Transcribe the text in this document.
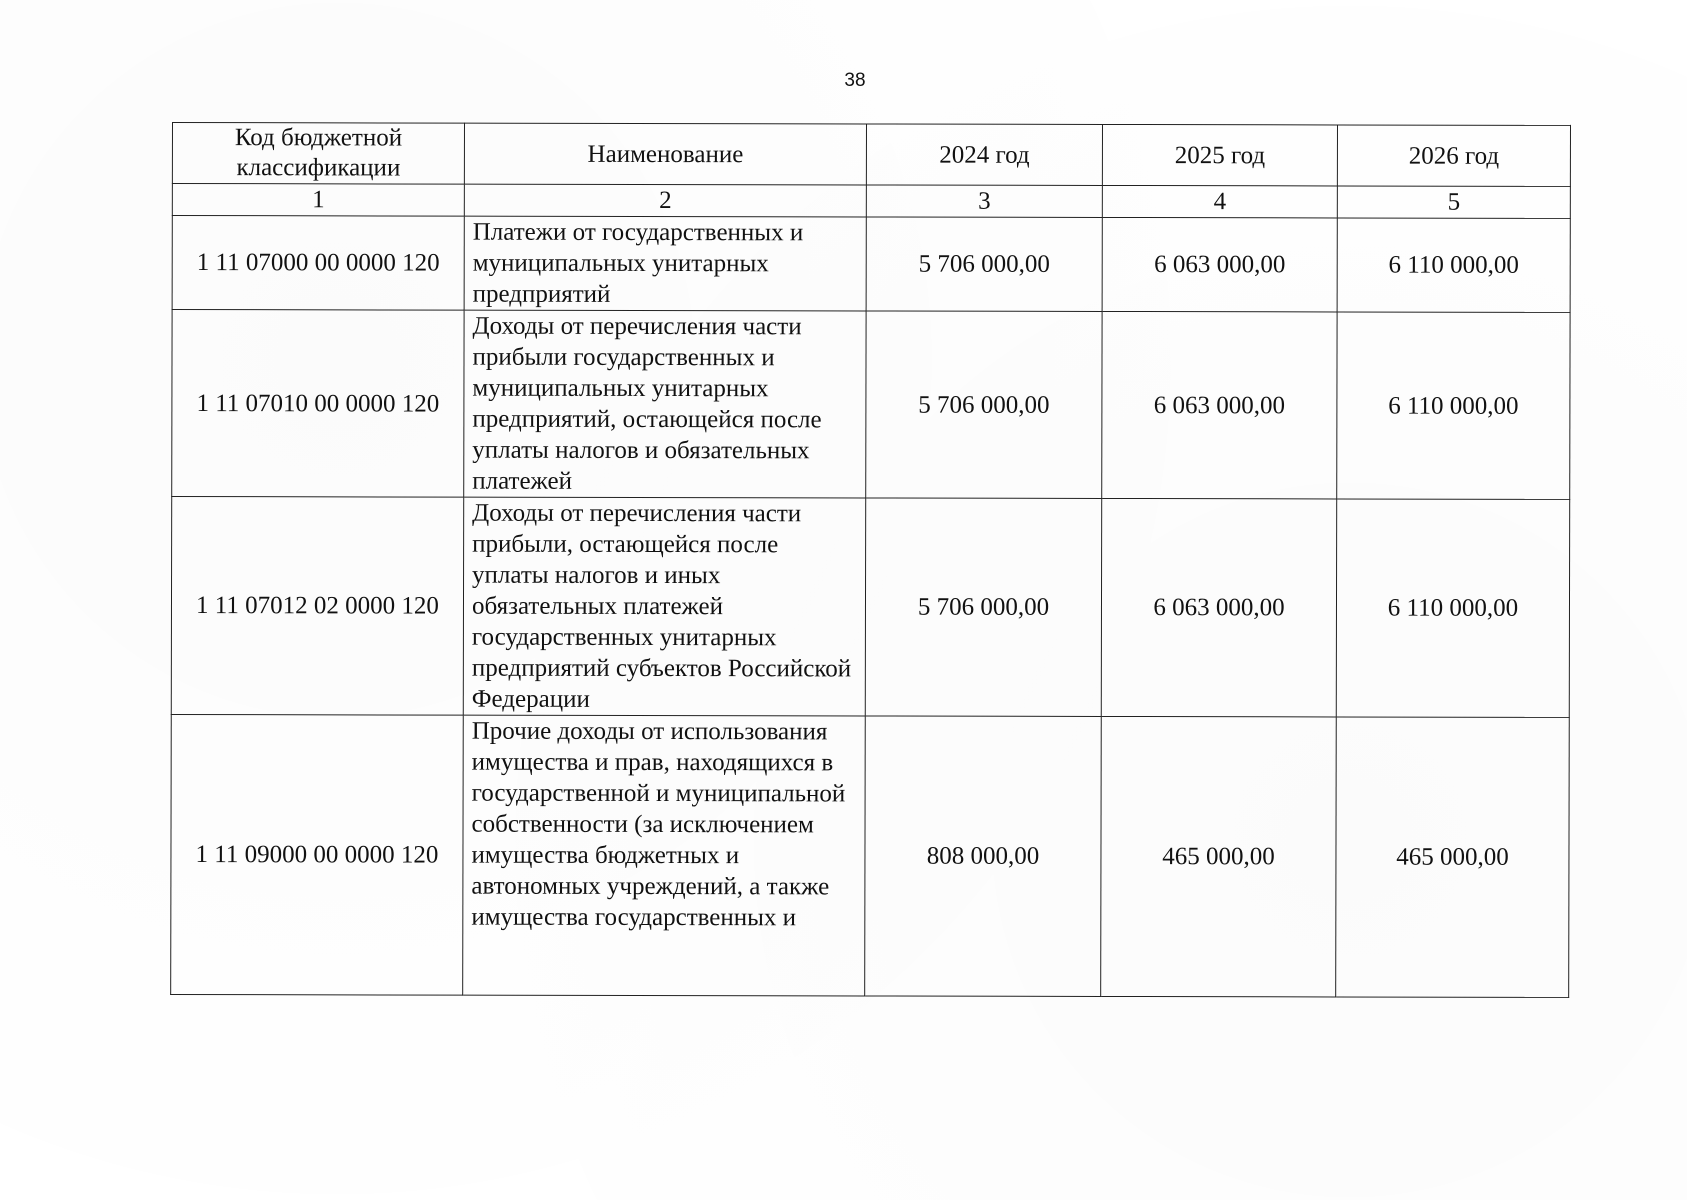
38
Код бюджетной классификации	Наименование	2024 год	2025 год	2026 год
1	2	3	4	5
1 11 07000 00 0000 120	Платежи от государственных и муниципальных унитарных предприятий	5 706 000,00	6 063 000,00	6 110 000,00
1 11 07010 00 0000 120	Доходы от перечисления части прибыли государственных и муниципальных унитарных предприятий, остающейся после уплаты налогов и обязательных платежей	5 706 000,00	6 063 000,00	6 110 000,00
1 11 07012 02 0000 120	Доходы от перечисления части прибыли, остающейся после уплаты налогов и иных обязательных платежей государственных унитарных предприятий субъектов Российской Федерации	5 706 000,00	6 063 000,00	6 110 000,00
1 11 09000 00 0000 120	Прочие доходы от использования имущества и прав, находящихся в государственной и муниципальной собственности (за исключением имущества бюджетных и автономных учреждений, а также имущества государственных и	808 000,00	465 000,00	465 000,00
